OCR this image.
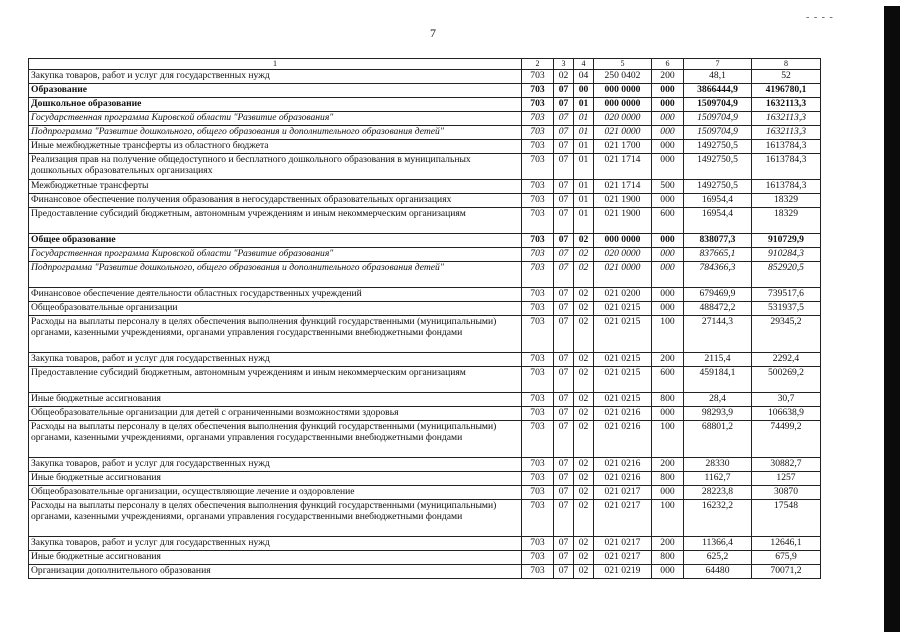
7
- - - -
1	2	3	4	5	6	7	8
Закупка товаров, работ и услуг для государственных нужд	703	02	04	250 0402	200	48,1	52
Образование	703	07	00	000 0000	000	3866444,9	4196780,1
Дошкольное образование	703	07	01	000 0000	000	1509704,9	1632113,3
Государственная программа Кировской области "Развитие образования"	703	07	01	020 0000	000	1509704,9	1632113,3
Подпрограмма "Развитие дошкольного, общего образования и дополнительного образования детей"	703	07	01	021 0000	000	1509704,9	1632113,3
Иные межбюджетные трансферты из областного бюджета	703	07	01	021 1700	000	1492750,5	1613784,3
Реализация прав на получение общедоступного и бесплатного дошкольного образования в муниципальных дошкольных образовательных организациях	703	07	01	021 1714	000	1492750,5	1613784,3
Межбюджетные трансферты	703	07	01	021 1714	500	1492750,5	1613784,3
Финансовое обеспечение получения образования в негосударственных образовательных организациях	703	07	01	021 1900	000	16954,4	18329
Предоставление субсидий бюджетным, автономным учреждениям и иным некоммерческим организациям	703	07	01	021 1900	600	16954,4	18329
Общее образование	703	07	02	000 0000	000	838077,3	910729,9
Государственная программа Кировской области "Развитие образования"	703	07	02	020 0000	000	837665,1	910284,3
Подпрограмма "Развитие дошкольного, общего образования и дополнительного образования детей"	703	07	02	021 0000	000	784366,3	852920,5
Финансовое обеспечение деятельности областных государственных учреждений	703	07	02	021 0200	000	679469,9	739517,6
Общеобразовательные организации	703	07	02	021 0215	000	488472,2	531937,5
Расходы на выплаты персоналу в целях обеспечения выполнения функций государственными (муниципальными) органами, казенными учреждениями, органами управления государственными внебюджетными фондами	703	07	02	021 0215	100	27144,3	29345,2
Закупка товаров, работ и услуг для государственных нужд	703	07	02	021 0215	200	2115,4	2292,4
Предоставление субсидий бюджетным, автономным учреждениям и иным некоммерческим организациям	703	07	02	021 0215	600	459184,1	500269,2
Иные бюджетные ассигнования	703	07	02	021 0215	800	28,4	30,7
Общеобразовательные организации для детей с ограниченными возможностями здоровья	703	07	02	021 0216	000	98293,9	106638,9
Расходы на выплаты персоналу в целях обеспечения выполнения функций государственными (муниципальными) органами, казенными учреждениями, органами управления государственными внебюджетными фондами	703	07	02	021 0216	100	68801,2	74499,2
Закупка товаров, работ и услуг для государственных нужд	703	07	02	021 0216	200	28330	30882,7
Иные бюджетные ассигнования	703	07	02	021 0216	800	1162,7	1257
Общеобразовательные организации, осуществляющие лечение и оздоровление	703	07	02	021 0217	000	28223,8	30870
Расходы на выплаты персоналу в целях обеспечения выполнения функций государственными (муниципальными) органами, казенными учреждениями, органами управления государственными внебюджетными фондами	703	07	02	021 0217	100	16232,2	17548
Закупка товаров, работ и услуг для государственных нужд	703	07	02	021 0217	200	11366,4	12646,1
Иные бюджетные ассигнования	703	07	02	021 0217	800	625,2	675,9
Организации дополнительного образования	703	07	02	021 0219	000	64480	70071,2
